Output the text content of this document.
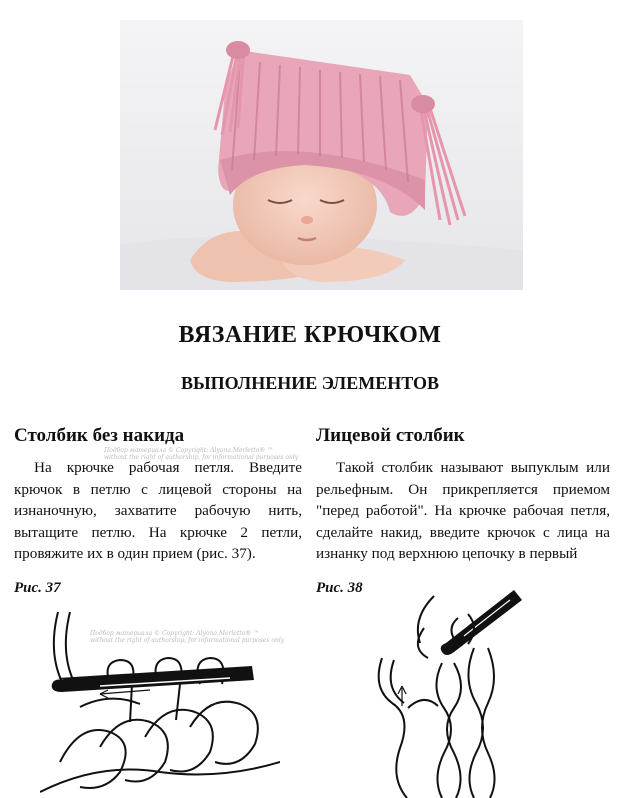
ВЯЗАНИЕ КРЮЧКОМ
ВЫПОЛНЕНИЕ ЭЛЕМЕНТОВ
Столбик без накида

На крючке рабочая петля. Введите крючок в петлю с лицевой стороны на изнаночную, захватите рабочую нить, вытащите петлю. На крючке 2 петли, провяжите их в один прием (рис. 37).

Подбор материала © Copyright: Alyona.Merletto® ™
without the right of authorship, for informational purposes only
Лицевой столбик

Такой столбик называют выпуклым или рельефным. Он прикрепляется приемом "перед работой". На крючке рабочая петля, сделайте накид, введите крючок с лица на изнанку под верхнюю цепочку в первый

Рис. 37	Рис. 38
Подбор материала © Copyright: Alyona.Merletto® ™
without the right of authorship, for informational purposes only
